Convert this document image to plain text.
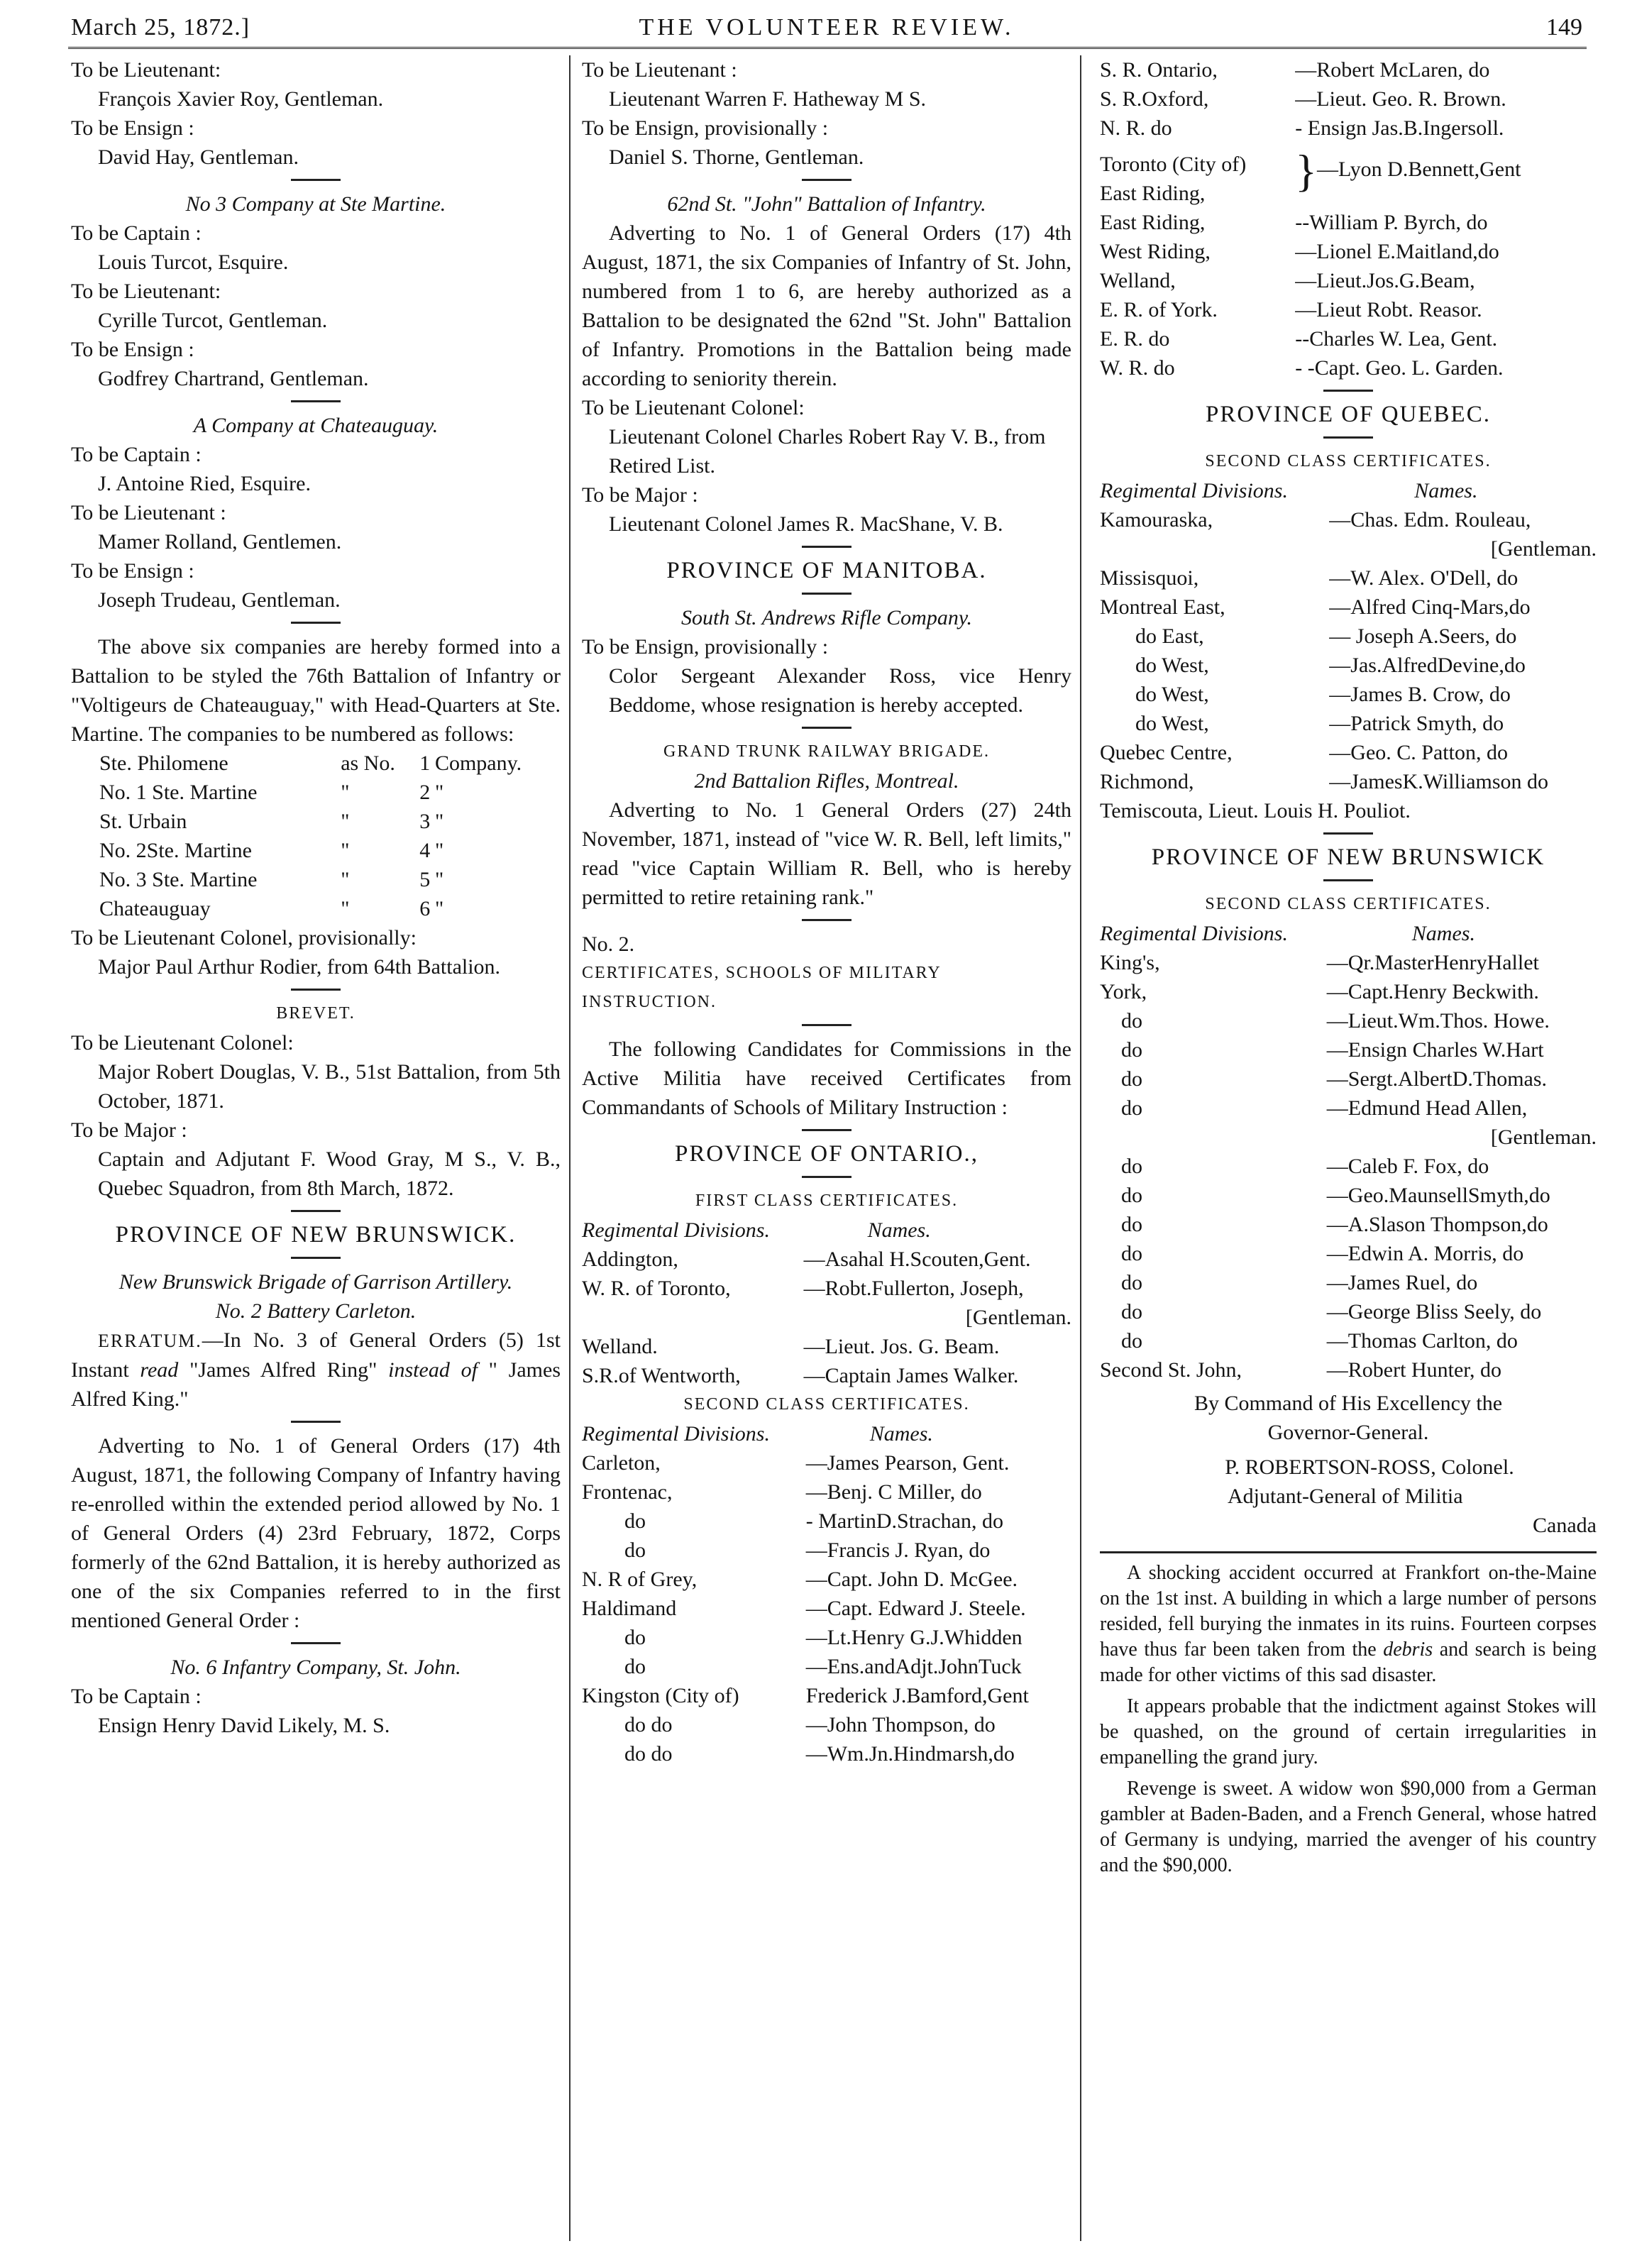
March 25, 1872.]	THE VOLUNTEER REVIEW.	149
To be Lieutenant:
François Xavier Roy, Gentleman.
To be Ensign :
David Hay, Gentleman.
No 3 Company at Ste Martine.
To be Captain :
Louis Turcot, Esquire.
To be Lieutenant:
Cyrille Turcot, Gentleman.
To be Ensign :
Godfrey Chartrand, Gentleman.
A Company at Chateauguay.
To be Captain :
J. Antoine Ried, Esquire.
To be Lieutenant :
Mamer Rolland, Gentlemen.
To be Ensign :
Joseph Trudeau, Gentleman.
The above six companies are hereby formed into a Battalion to be styled the 76th Battalion of Infantry or "Voltigeurs de Chateauguay," with Head-Quarters at Ste. Martine. The companies to be numbered as follows:
Ste. Philomene	as No.	1	Company.
No. 1 Ste. Martine	"	2	"
St. Urbain	"	3	"
No. 2Ste. Martine	"	4	"
No. 3 Ste. Martine	"	5	"
Chateauguay	"	6	"
To be Lieutenant Colonel, provisionally:
Major Paul Arthur Rodier, from 64th Battalion.
BREVET.
To be Lieutenant Colonel:
Major Robert Douglas, V. B., 51st Battalion, from 5th October, 1871.
To be Major :
Captain and Adjutant F. Wood Gray, M S., V. B., Quebec Squadron, from 8th March, 1872.
PROVINCE OF NEW BRUNSWICK.
New Brunswick Brigade of Garrison Artillery.
No. 2 Battery Carleton.
ERRATUM.—In No. 3 of General Orders (5) 1st Instant read "James Alfred Ring" instead of " James Alfred King."
Adverting to No. 1 of General Orders (17) 4th August, 1871, the following Company of Infantry having re-enrolled within the extended period allowed by No. 1 of General Orders (4) 23rd February, 1872, Corps formerly of the 62nd Battalion, it is hereby authorized as one of the six Companies referred to in the first mentioned General Order :
No. 6 Infantry Company, St. John.
To be Captain :
Ensign Henry David Likely, M. S.
To be Lieutenant :
Lieutenant Warren F. Hatheway M S.
To be Ensign, provisionally :
Daniel S. Thorne, Gentleman.
62nd St. "John" Battalion of Infantry.
Adverting to No. 1 of General Orders (17) 4th August, 1871, the six Companies of Infantry of St. John, numbered from 1 to 6, are hereby authorized as a Battalion to be designated the 62nd "St. John" Battalion of Infantry. Promotions in the Battalion being made according to seniority therein.
To be Lieutenant Colonel:
Lieutenant Colonel Charles Robert Ray V. B., from Retired List.
To be Major :
Lieutenant Colonel James R. MacShane, V. B.
PROVINCE OF MANITOBA.
South St. Andrews Rifle Company.
To be Ensign, provisionally :
Color Sergeant Alexander Ross, vice Henry Beddome, whose resignation is hereby accepted.
GRAND TRUNK RAILWAY BRIGADE.
2nd Battalion Rifles, Montreal.
Adverting to No. 1 General Orders (27) 24th November, 1871, instead of "vice W. R. Bell, left limits," read "vice Captain William R. Bell, who is hereby permitted to retire retaining rank."
No. 2.
CERTIFICATES, SCHOOLS OF MILITARY INSTRUCTION.
The following Candidates for Commissions in the Active Militia have received Certificates from Commandants of Schools of Military Instruction :
PROVINCE OF ONTARIO.,
FIRST CLASS CERTIFICATES.
Regimental Divisions.	Names.
Addington,	—Asahal H.Scouten,Gent.
W. R. of Toronto,	—Robt.Fullerton, Joseph,
	[Gentleman.
Welland.	—Lieut. Jos. G. Beam.
S.R.of Wentworth,	—Captain James Walker.
SECOND CLASS CERTIFICATES.
Regimental Divisions.	Names.
Carleton,	—James Pearson, Gent.
Frontenac,	—Benj. C Miller, do
do	- MartinD.Strachan, do
do	—Francis J. Ryan, do
N. R of Grey,	—Capt. John D. McGee.
Haldimand	—Capt. Edward J. Steele.
do	—Lt.Henry G.J.Whidden
do	—Ens.andAdjt.JohnTuck
Kingston (City of)	Frederick J.Bamford,Gent
do do	—John Thompson, do
do do	—Wm.Jn.Hindmarsh,do
S. R. Ontario,	—Robert McLaren, do
S. R.Oxford,	—Lieut. Geo. R. Brown.
N. R. do	- Ensign Jas.B.Ingersoll.

Toronto (City of)
East Riding,	}—Lyon D.Bennett,Gent
East Riding,	--William P. Byrch, do
West Riding,	—Lionel E.Maitland,do
Welland,	—Lieut.Jos.G.Beam,
E. R. of York.	—Lieut Robt. Reasor.
E. R. do	--Charles W. Lea, Gent.
W. R. do	- -Capt. Geo. L. Garden.
PROVINCE OF QUEBEC.
SECOND CLASS CERTIFICATES.
Regimental Divisions.	Names.
Kamouraska,	—Chas. Edm. Rouleau,
	[Gentleman.
Missisquoi,	—W. Alex. O'Dell, do
Montreal East,	—Alfred Cinq-Mars,do
do East,	— Joseph A.Seers, do
do West,	—Jas.AlfredDevine,do
do West,	—James B. Crow, do
do West,	—Patrick Smyth, do
Quebec Centre,	—Geo. C. Patton, do
Richmond,	—JamesK.Williamson do
Temiscouta, Lieut. Louis H. Pouliot.
PROVINCE OF NEW BRUNSWICK
SECOND CLASS CERTIFICATES.
Regimental Divisions.	Names.
King's,	—Qr.MasterHenryHallet
York,	—Capt.Henry Beckwith.
do	—Lieut.Wm.Thos. Howe.
do	—Ensign Charles W.Hart
do	—Sergt.AlbertD.Thomas.
do	—Edmund Head Allen,
	[Gentleman.
do	—Caleb F. Fox, do
do	—Geo.MaunsellSmyth,do
do	—A.Slason Thompson,do
do	—Edwin A. Morris, do
do	—James Ruel, do
do	—George Bliss Seely, do
do	—Thomas Carlton, do
Second St. John,	—Robert Hunter, do
By Command of His Excellency the
Governor-General.
P. ROBERTSON-ROSS, Colonel.
Adjutant-General of Militia
Canada
A shocking accident occurred at Frankfort on-the-Maine on the 1st inst. A building in which a large number of persons resided, fell burying the inmates in its ruins. Fourteen corpses have thus far been taken from the debris and search is being made for other victims of this sad disaster.
It appears probable that the indictment against Stokes will be quashed, on the ground of certain irregularities in empanelling the grand jury.
Revenge is sweet. A widow won $90,000 from a German gambler at Baden-Baden, and a French General, whose hatred of Germany is undying, married the avenger of his country and the $90,000.
